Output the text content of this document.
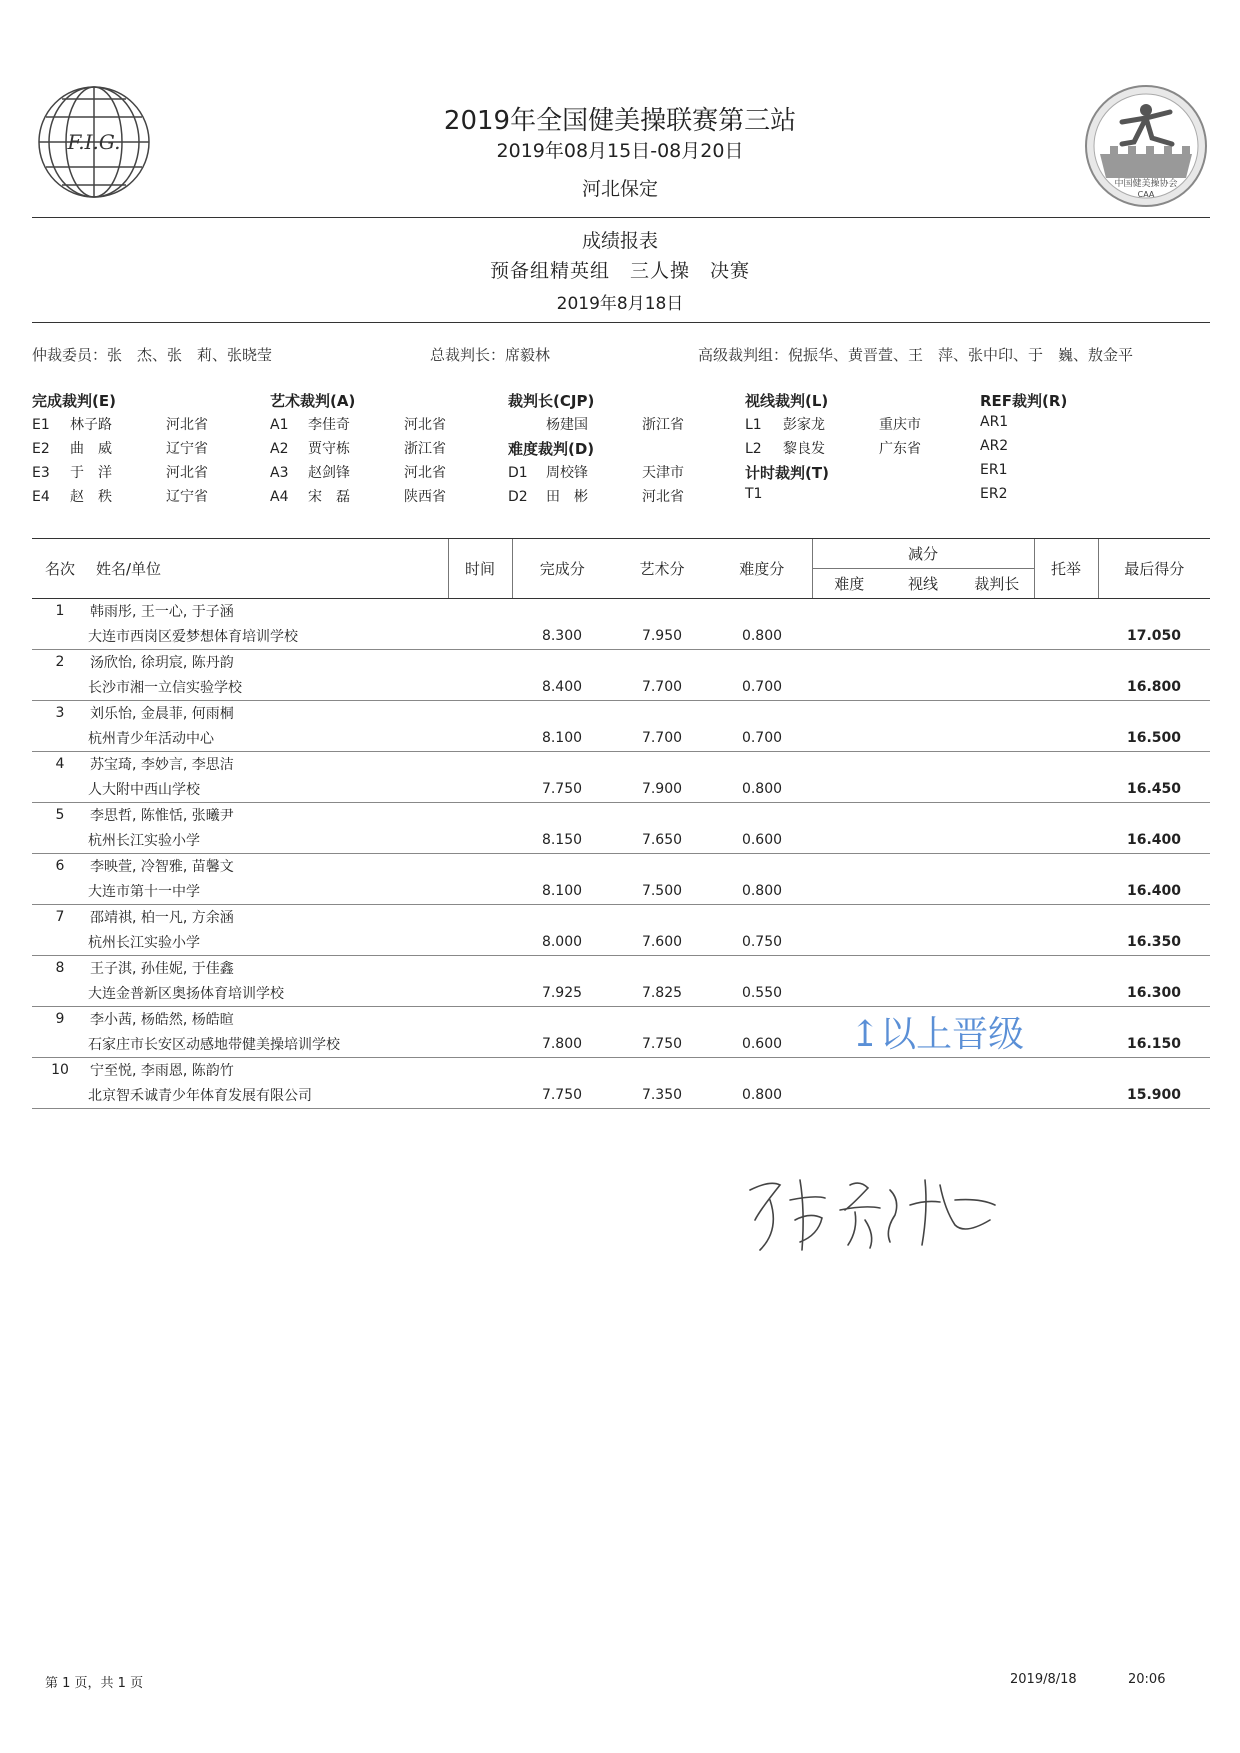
F.I.G.
中国健美操协会
CAA
2019年全国健美操联赛第三站
2019年08月15日-08月20日
河北保定
成绩报表
预备组精英组　三人操　决赛
2019年8月18日
仲裁委员：张　杰、张　莉、张晓莹	总裁判长：席毅林	高级裁判组：倪振华、黄晋萱、王　萍、张中印、于　巍、敖金平
完成裁判(E)
E1 林子路	河北省
E2 曲　威	辽宁省
E3 于　洋	河北省
E4 赵　秩	辽宁省
艺术裁判(A)
A1 李佳奇	河北省
A2 贾守栋	浙江省
A3 赵剑锋	河北省
A4 宋　磊	陕西省
裁判长(CJP)
杨建国	浙江省
难度裁判(D)
D1 周校锋	天津市
D2 田　彬	河北省
视线裁判(L)
L1 彭家龙	重庆市
L2 黎良发	广东省
计时裁判(T)
T1
REF裁判(R)
AR1
AR2
ER1
ER2
名次	姓名/单位	时间	完成分	艺术分	难度分	减分			托举	最后得分
						难度	视线	裁判长		
1	韩雨彤, 王一心, 于子涵									
	大连市西岗区爱梦想体育培训学校		8.300	7.950	0.800					17.050
2	汤欣怡, 徐玥宸, 陈丹韵									
	长沙市湘一立信实验学校		8.400	7.700	0.700					16.800
3	刘乐怡, 金晨菲, 何雨桐									
	杭州青少年活动中心		8.100	7.700	0.700					16.500
4	苏宝琦, 李妙言, 李思洁									
	人大附中西山学校		7.750	7.900	0.800					16.450
5	李思哲, 陈惟恬, 张曦尹									
	杭州长江实验小学		8.150	7.650	0.600					16.400
6	李映萱, 冷智雅, 苗馨文									
	大连市第十一中学		8.100	7.500	0.800					16.400
7	邵靖祺, 柏一凡, 方余涵									
	杭州长江实验小学		8.000	7.600	0.750					16.350
8	王子淇, 孙佳妮, 于佳鑫									
	大连金普新区奥扬体育培训学校		7.925	7.825	0.550					16.300
9	李小茜, 杨皓然, 杨皓暄									
	石家庄市长安区动感地带健美操培训学校		7.800	7.750	0.600					16.150
10	宁至悦, 李雨恩, 陈韵竹									
	北京智禾诚青少年体育发展有限公司		7.750	7.350	0.800					15.900
↥以上晋级
第 1 页，共 1 页	2019/8/18	20:06
